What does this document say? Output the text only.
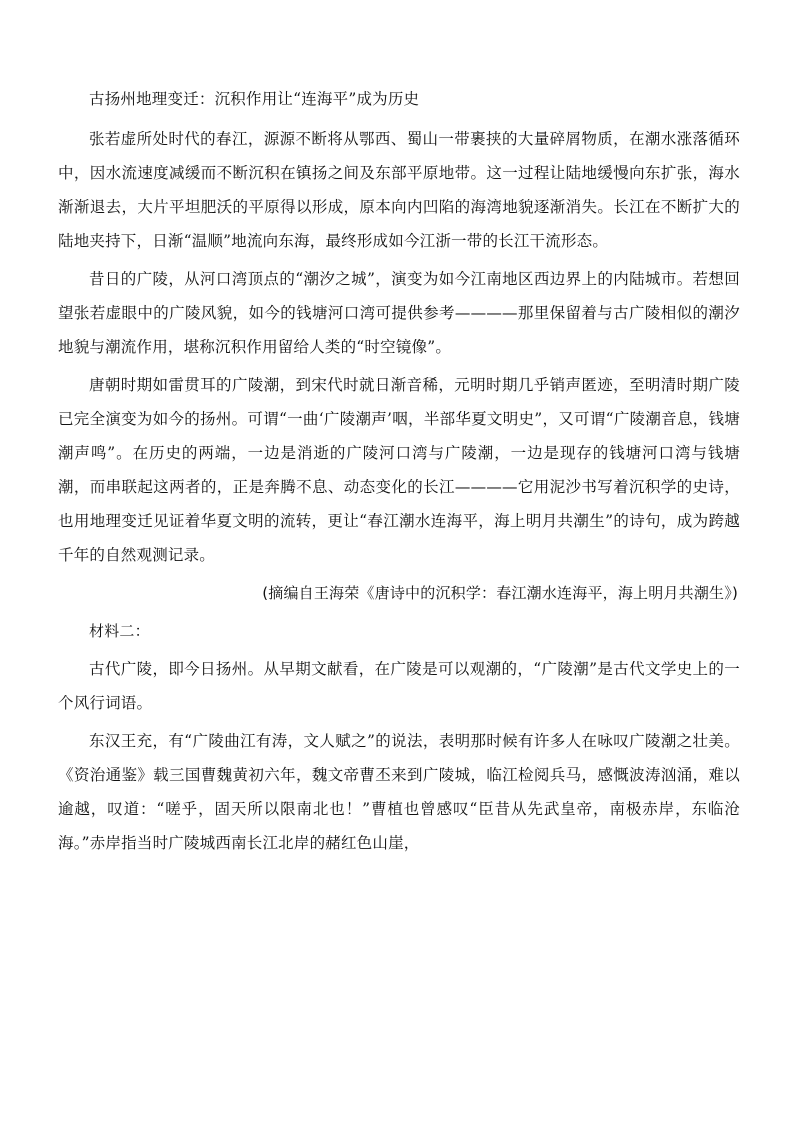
古扬州地理变迁：沉积作用让“连海平”成为历史

张若虚所处时代的春江，源源不断将从鄂西、蜀山一带裹挟的大量碎屑物质，在潮水涨落循环中，因水流速度减缓而不断沉积在镇扬之间及东部平原地带。这一过程让陆地缓慢向东扩张，海水渐渐退去，大片平坦肥沃的平原得以形成，原本向内凹陷的海湾地貌逐渐消失。长江在不断扩大的陆地夹持下，日渐“温顺”地流向东海，最终形成如今江浙一带的长江干流形态。

昔日的广陵，从河口湾顶点的“潮汐之城”，演变为如今江南地区西边界上的内陆城市。若想回望张若虚眼中的广陵风貌，如今的钱塘河口湾可提供参考————那里保留着与古广陵相似的潮汐地貌与潮流作用，堪称沉积作用留给人类的“时空镜像”。

唐朝时期如雷贯耳的广陵潮，到宋代时就日渐音稀，元明时期几乎销声匿迹，至明清时期广陵已完全演变为如今的扬州。可谓“一曲‘广陵潮声’咽，半部华夏文明史”，又可谓“广陵潮音息，钱塘潮声鸣”。在历史的两端，一边是消逝的广陵河口湾与广陵潮，一边是现存的钱塘河口湾与钱塘潮，而串联起这两者的，正是奔腾不息、动态变化的长江————它用泥沙书写着沉积学的史诗，也用地理变迁见证着华夏文明的流转，更让“春江潮水连海平，海上明月共潮生”的诗句，成为跨越千年的自然观测记录。

(摘编自王海荣《唐诗中的沉积学：春江潮水连海平，海上明月共潮生》)

材料二：

古代广陵，即今日扬州。从早期文献看，在广陵是可以观潮的，“广陵潮”是古代文学史上的一个风行词语。

东汉王充，有“广陵曲江有涛，文人赋之”的说法，表明那时候有许多人在咏叹广陵潮之壮美。《资治通鉴》载三国曹魏黄初六年，魏文帝曹丕来到广陵城，临江检阅兵马，感慨波涛汹涌，难以逾越，叹道：“嗟乎，固天所以限南北也！”曹植也曾感叹“臣昔从先武皇帝，南极赤岸，东临沧海。”赤岸指当时广陵城西南长江北岸的赭红色山崖，
